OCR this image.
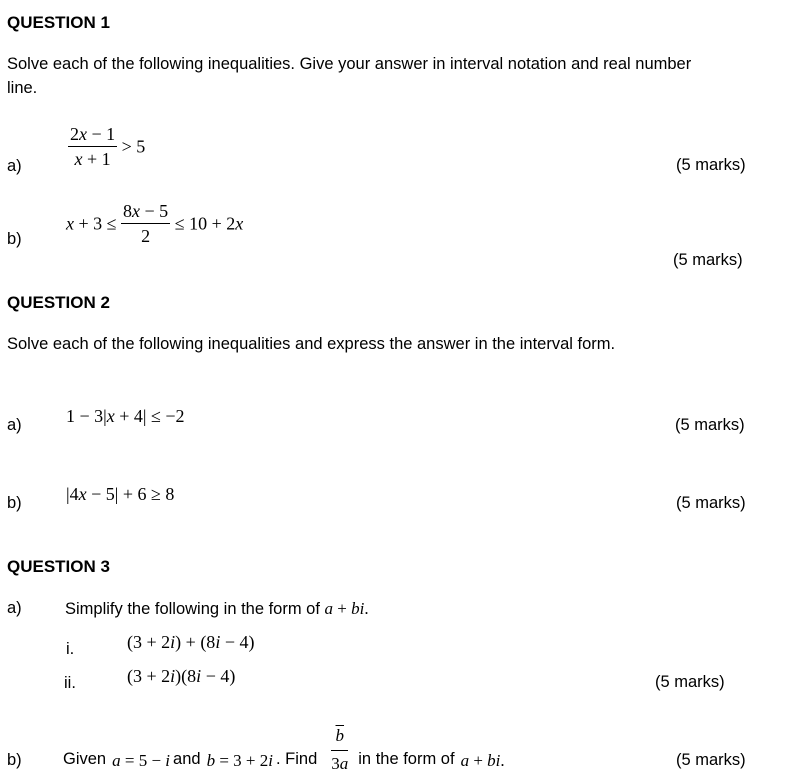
QUESTION 1
Solve each of the following inequalities. Give your answer in interval notation and real number
line.
a)	$\frac{2x - 1}{x + 1} > 5$
(5 marks)
b)
$x + 3 \le \frac{8x - 5}{2} \le 10 + 2x$
(5 marks)
QUESTION 2
Solve each of the following inequalities and express the answer in the interval form.
a) 1 − 3|x + 4| ≤ −2	(5 marks)
b) |4x − 5| + 6 ≥ 8	(5 marks)
QUESTION 3
a)	Simplify the following in the form of a + bi.
i.	(3 + 2i) + (8i − 4)
ii.	(3 + 2i)(8i − 4)	(5 marks)
b)	Given a = 5 − i and b = 3 + 2i . Find
$\overline{b}$
3a in the form of a + bi.	(5 marks)
